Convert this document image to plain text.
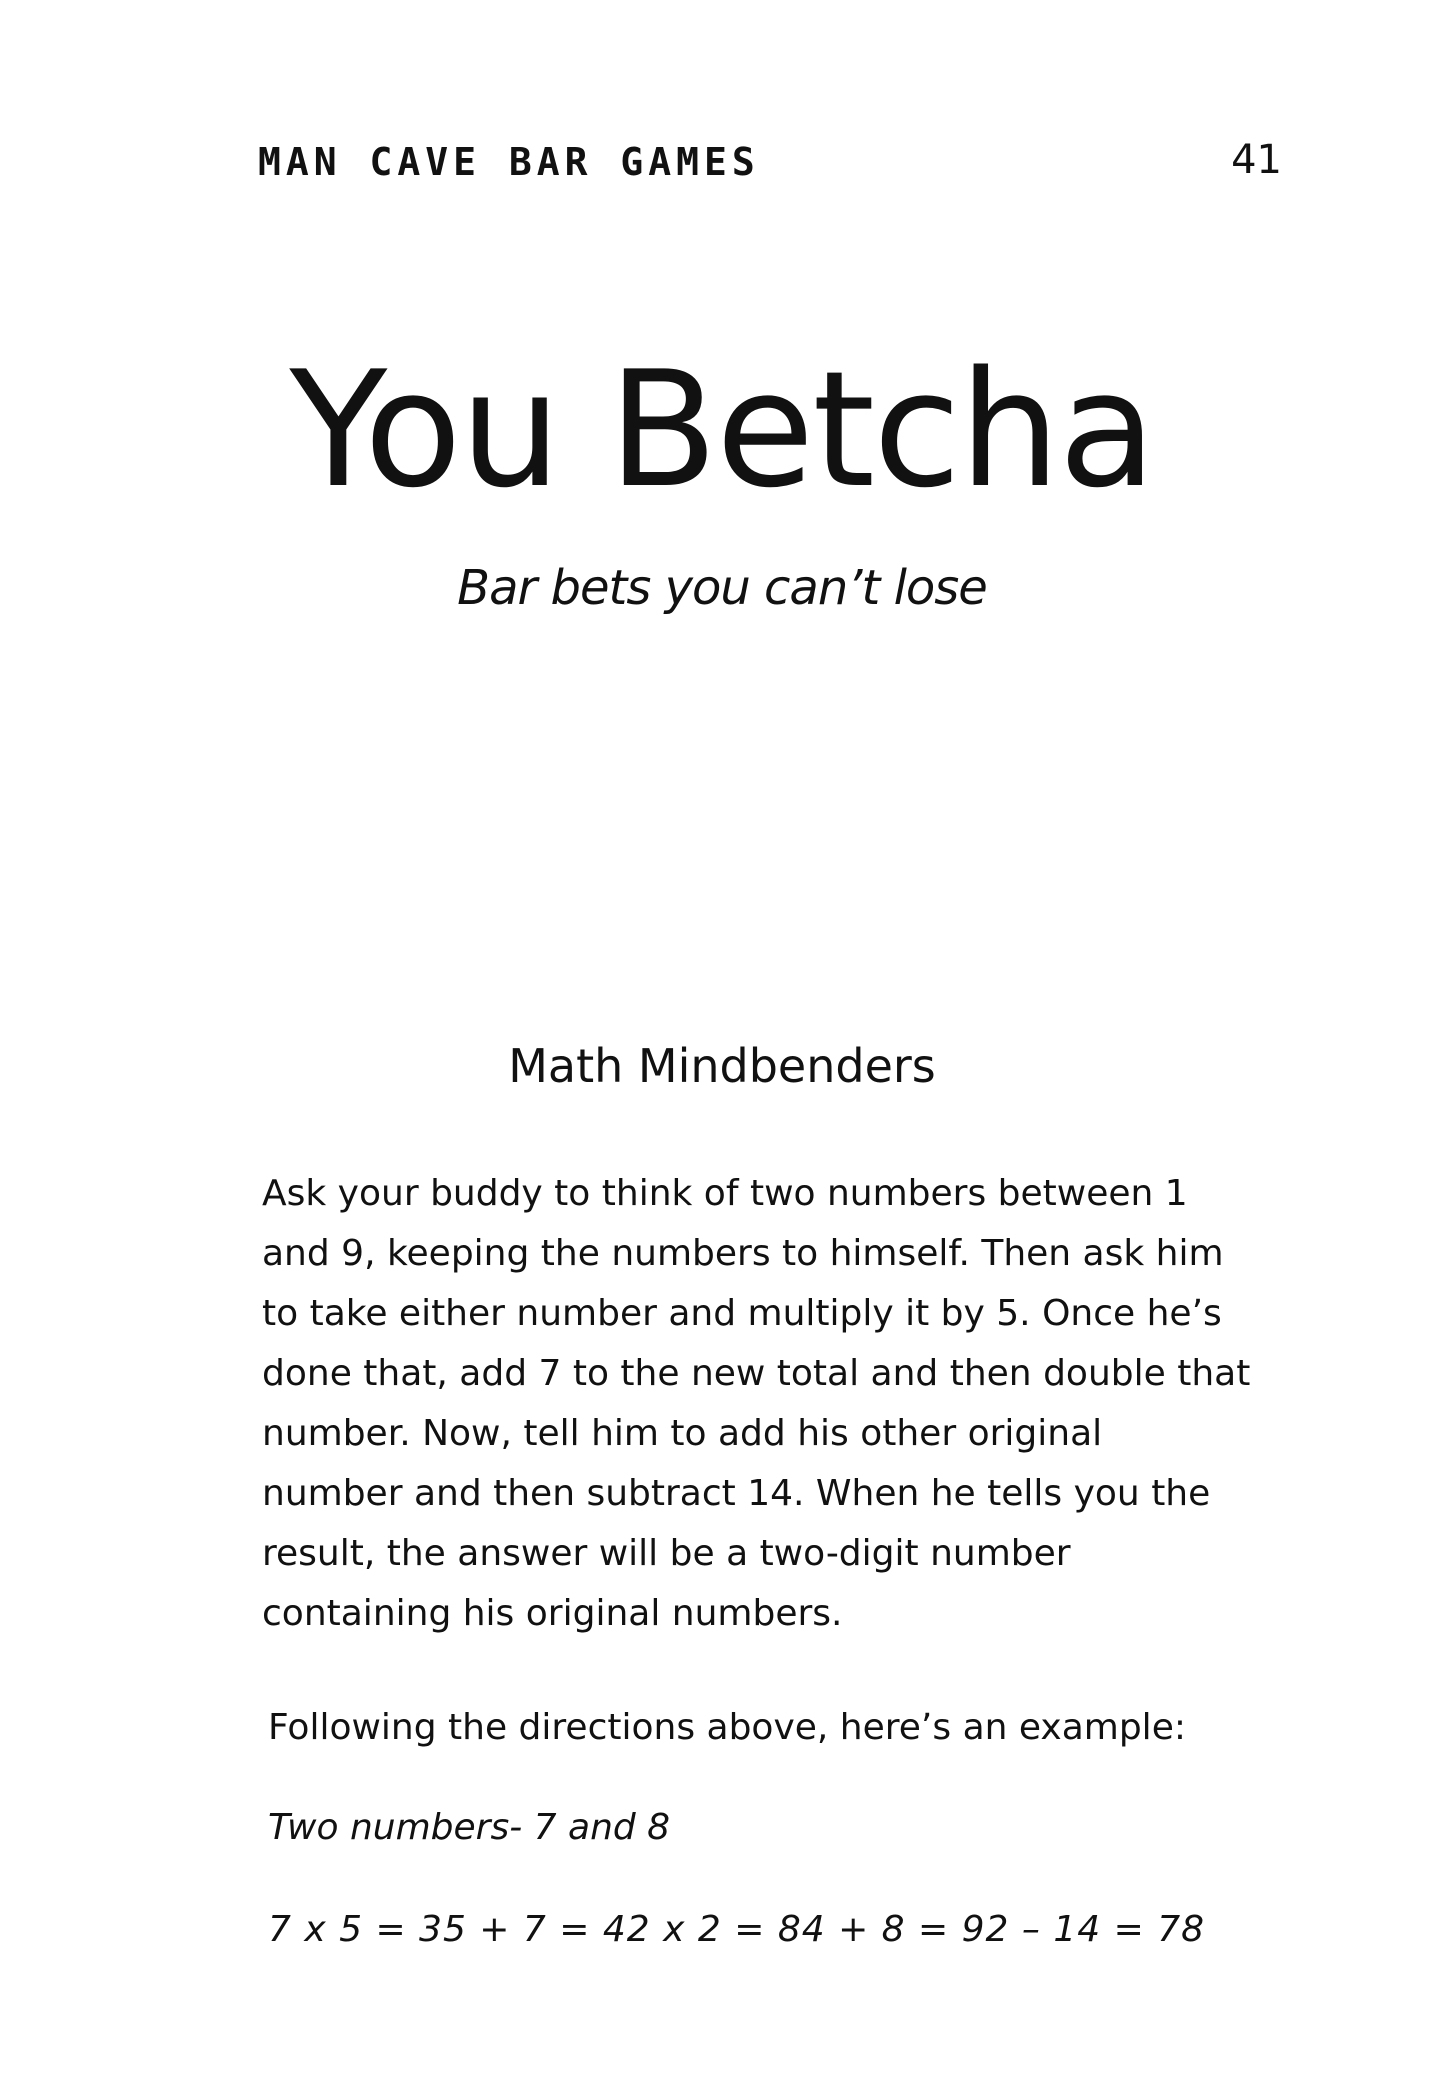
MAN CAVE BAR GAMES	41
You Betcha
Bar bets you can’t lose
Math Mindbenders

Ask your buddy to think of two numbers between 1 and 9, keeping the numbers to himself. Then ask him to take either number and multiply it by 5. Once he’s done that, add 7 to the new total and then double that number. Now, tell him to add his other original number and then subtract 14. When he tells you the result, the answer will be a two-digit number containing his original numbers.

Following the directions above, here’s an example:
Two numbers- 7 and 8
7 x 5 = 35 + 7 = 42 x 2 = 84 + 8 = 92 – 14 = 78
